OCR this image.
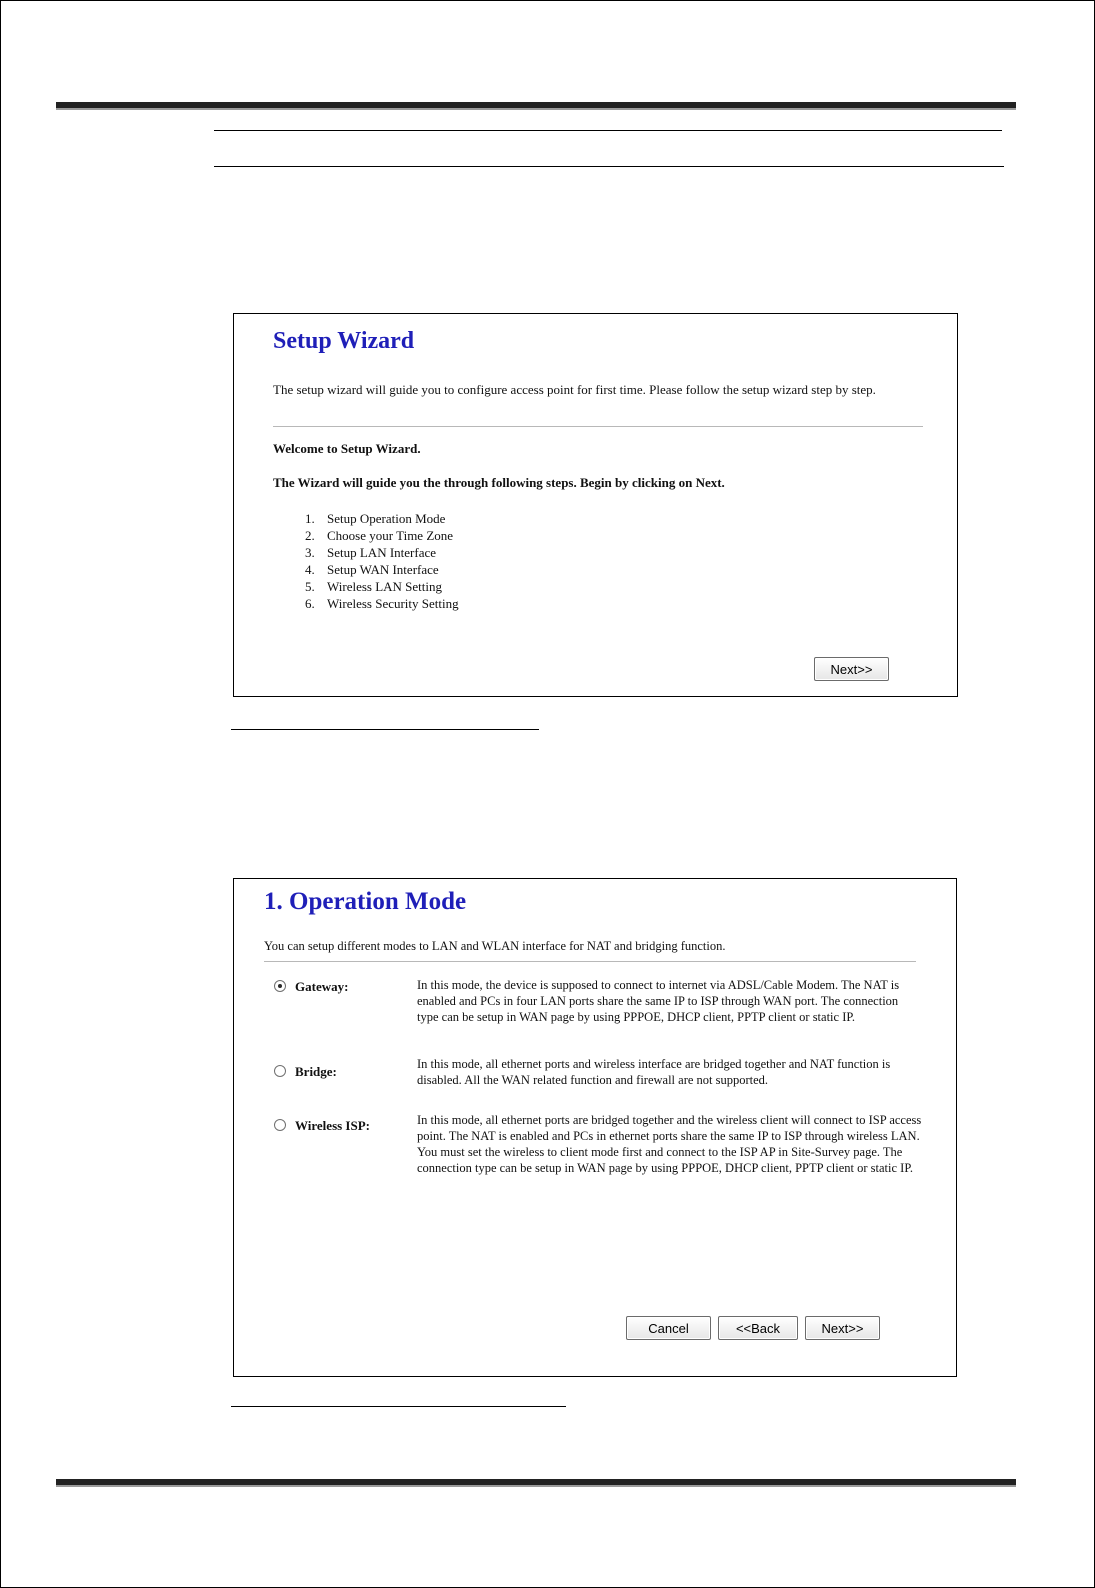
Setup Wizard
The setup wizard will guide you to configure access point for first time. Please follow the setup wizard step by step.
Welcome to Setup Wizard.
The Wizard will guide you the through following steps. Begin by clicking on Next.
1. Setup Operation Mode
2. Choose your Time Zone
3. Setup LAN Interface
4. Setup WAN Interface
5. Wireless LAN Setting
6. Wireless Security Setting
Next>>
1. Operation Mode
You can setup different modes to LAN and WLAN interface for NAT and bridging function.
Gateway:	In this mode, the device is supposed to connect to internet via ADSL/Cable Modem. The NAT is enabled and PCs in four LAN ports share the same IP to ISP through WAN port. The connection type can be setup in WAN page by using PPPOE, DHCP client, PPTP client or static IP.
Bridge:	In this mode, all ethernet ports and wireless interface are bridged together and NAT function is disabled. All the WAN related function and firewall are not supported.
Wireless ISP:	In this mode, all ethernet ports are bridged together and the wireless client will connect to ISP access point. The NAT is enabled and PCs in ethernet ports share the same IP to ISP through wireless LAN. You must set the wireless to client mode first and connect to the ISP AP in Site-Survey page. The connection type can be setup in WAN page by using PPPOE, DHCP client, PPTP client or static IP.
Cancel	<<Back	Next>>
